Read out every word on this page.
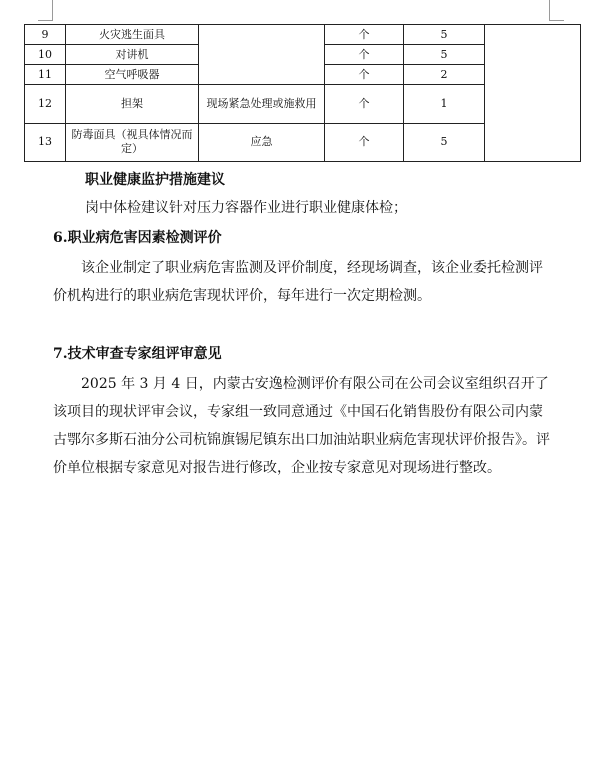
9	火灾逃生面具		个	5	
10	对讲机		个	5	
11	空气呼吸器		个	2	
12	担架	现场紧急处理或施救用	个	1	
13	防毒面具（视具体情况而定）	应急	个	5	

职业健康监护措施建议

岗中体检建议针对压力容器作业进行职业健康体检；

6.职业病危害因素检测评价

该企业制定了职业病危害监测及评价制度，经现场调查，该企业委托检测评价机构进行的职业病危害现状评价，每年进行一次定期检测。

7.技术审查专家组评审意见

2025 年 3 月 4 日，内蒙古安逸检测评价有限公司在公司会议室组织召开了该项目的现状评审会议，专家组一致同意通过《中国石化销售股份有限公司内蒙古鄂尔多斯石油分公司杭锦旗锡尼镇东出口加油站职业病危害现状评价报告》。评价单位根据专家意见对报告进行修改，企业按专家意见对现场进行整改。
